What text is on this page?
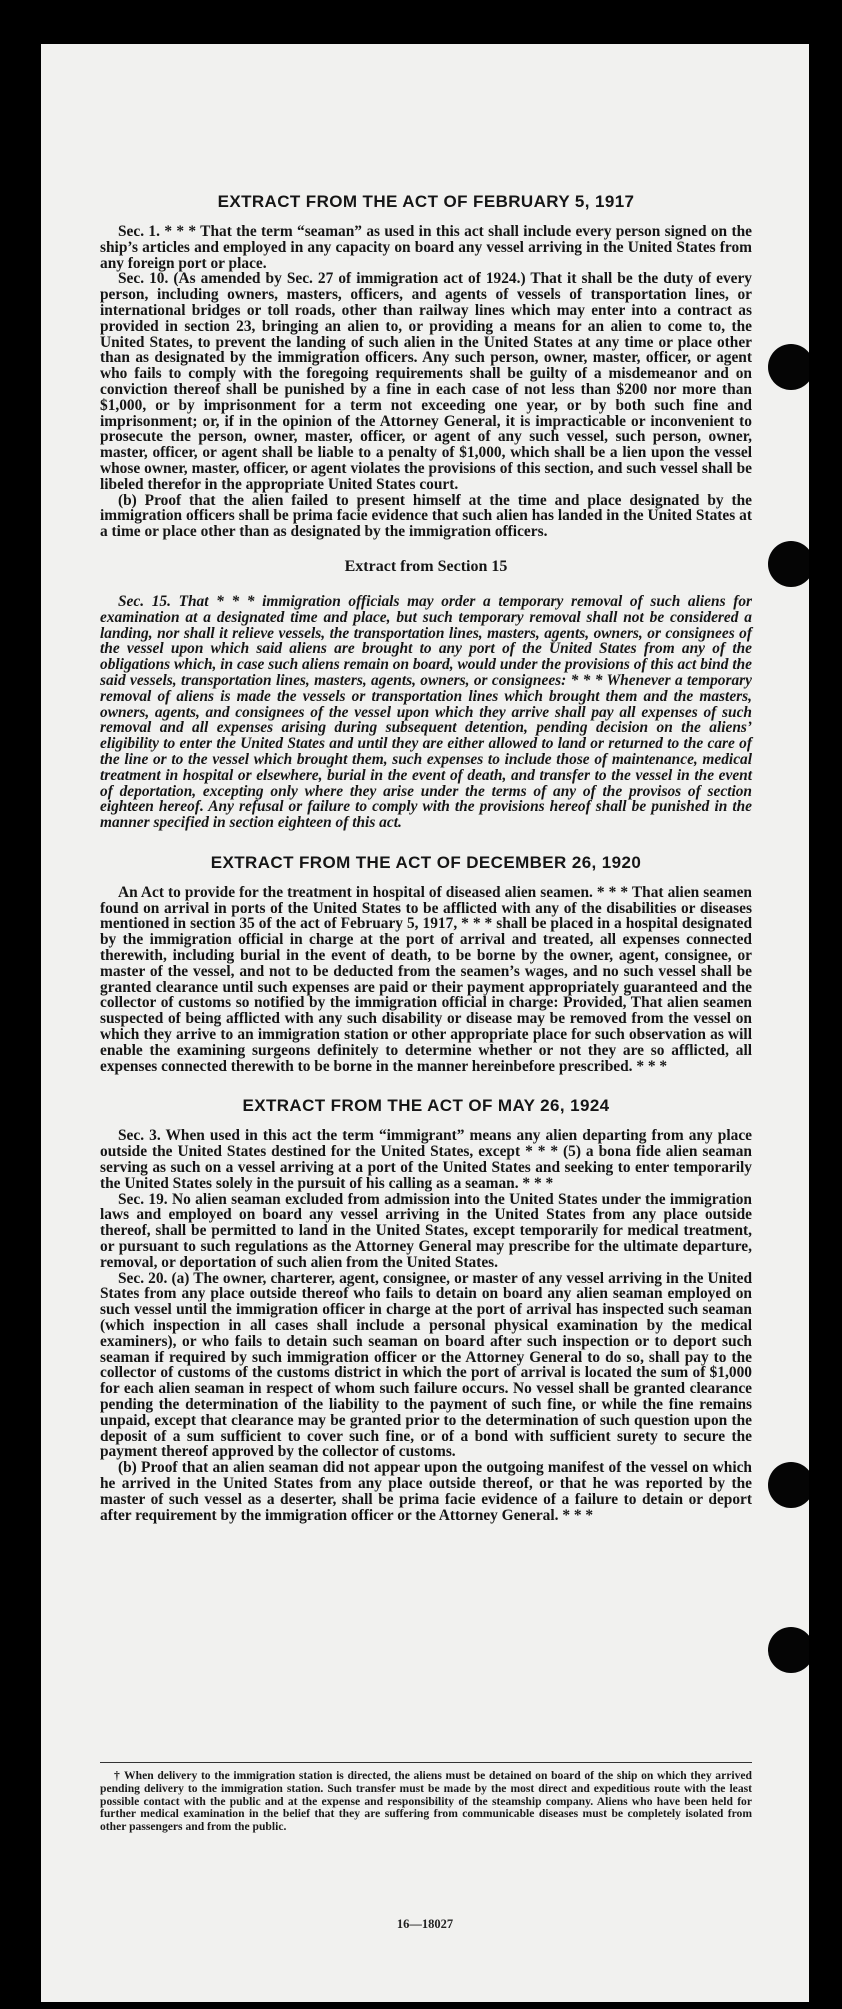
EXTRACT FROM THE ACT OF FEBRUARY 5, 1917

Sec. 1. * * * That the term “seaman” as used in this act shall include every person signed on the ship’s articles and employed in any capacity on board any vessel arriving in the United States from any foreign port or place.

Sec. 10. (As amended by Sec. 27 of immigration act of 1924.) That it shall be the duty of every person, including owners, masters, officers, and agents of vessels of transportation lines, or international bridges or toll roads, other than railway lines which may enter into a contract as provided in section 23, bringing an alien to, or providing a means for an alien to come to, the United States, to prevent the landing of such alien in the United States at any time or place other than as designated by the immigration officers. Any such person, owner, master, officer, or agent who fails to comply with the foregoing requirements shall be guilty of a misdemeanor and on conviction thereof shall be punished by a fine in each case of not less than $200 nor more than $1,000, or by imprisonment for a term not exceeding one year, or by both such fine and imprisonment; or, if in the opinion of the Attorney General, it is impracticable or inconvenient to prosecute the person, owner, master, officer, or agent of any such vessel, such person, owner, master, officer, or agent shall be liable to a penalty of $1,000, which shall be a lien upon the vessel whose owner, master, officer, or agent violates the provisions of this section, and such vessel shall be libeled therefor in the appropriate United States court.

(b) Proof that the alien failed to present himself at the time and place designated by the immigration officers shall be prima facie evidence that such alien has landed in the United States at a time or place other than as designated by the immigration officers.

Extract from Section 15

Sec. 15. That * * * immigration officials may order a temporary removal of such aliens for examination at a designated time and place, but such temporary removal shall not be considered a landing, nor shall it relieve vessels, the transportation lines, masters, agents, owners, or consignees of the vessel upon which said aliens are brought to any port of the United States from any of the obligations which, in case such aliens remain on board, would under the provisions of this act bind the said vessels, transportation lines, masters, agents, owners, or consignees: * * * Whenever a temporary removal of aliens is made the vessels or transportation lines which brought them and the masters, owners, agents, and consignees of the vessel upon which they arrive shall pay all expenses of such removal and all expenses arising during subsequent detention, pending decision on the aliens’ eligibility to enter the United States and until they are either allowed to land or returned to the care of the line or to the vessel which brought them, such expenses to include those of maintenance, medical treatment in hospital or elsewhere, burial in the event of death, and transfer to the vessel in the event of deportation, excepting only where they arise under the terms of any of the provisos of section eighteen hereof. Any refusal or failure to comply with the provisions hereof shall be punished in the manner specified in section eighteen of this act.

EXTRACT FROM THE ACT OF DECEMBER 26, 1920

An Act to provide for the treatment in hospital of diseased alien seamen. * * * That alien seamen found on arrival in ports of the United States to be afflicted with any of the disabilities or diseases mentioned in section 35 of the act of February 5, 1917, * * * shall be placed in a hospital designated by the immigration official in charge at the port of arrival and treated, all expenses connected therewith, including burial in the event of death, to be borne by the owner, agent, consignee, or master of the vessel, and not to be deducted from the seamen’s wages, and no such vessel shall be granted clearance until such expenses are paid or their payment appropriately guaranteed and the collector of customs so notified by the immigration official in charge: Provided, That alien seamen suspected of being afflicted with any such disability or disease may be removed from the vessel on which they arrive to an immigration station or other appropriate place for such observation as will enable the examining surgeons definitely to determine whether or not they are so afflicted, all expenses connected therewith to be borne in the manner hereinbefore prescribed. * * *

EXTRACT FROM THE ACT OF MAY 26, 1924

Sec. 3. When used in this act the term “immigrant” means any alien departing from any place outside the United States destined for the United States, except * * * (5) a bona fide alien seaman serving as such on a vessel arriving at a port of the United States and seeking to enter temporarily the United States solely in the pursuit of his calling as a seaman. * * *

Sec. 19. No alien seaman excluded from admission into the United States under the immigration laws and employed on board any vessel arriving in the United States from any place outside thereof, shall be permitted to land in the United States, except temporarily for medical treatment, or pursuant to such regulations as the Attorney General may prescribe for the ultimate departure, removal, or deportation of such alien from the United States.

Sec. 20. (a) The owner, charterer, agent, consignee, or master of any vessel arriving in the United States from any place outside thereof who fails to detain on board any alien seaman employed on such vessel until the immigration officer in charge at the port of arrival has inspected such seaman (which inspection in all cases shall include a personal physical examination by the medical examiners), or who fails to detain such seaman on board after such inspection or to deport such seaman if required by such immigration officer or the Attorney General to do so, shall pay to the collector of customs of the customs district in which the port of arrival is located the sum of $1,000 for each alien seaman in respect of whom such failure occurs. No vessel shall be granted clearance pending the determination of the liability to the payment of such fine, or while the fine remains unpaid, except that clearance may be granted prior to the determination of such question upon the deposit of a sum sufficient to cover such fine, or of a bond with sufficient surety to secure the payment thereof approved by the collector of customs.

(b) Proof that an alien seaman did not appear upon the outgoing manifest of the vessel on which he arrived in the United States from any place outside thereof, or that he was reported by the master of such vessel as a deserter, shall be prima facie evidence of a failure to detain or deport after requirement by the immigration officer or the Attorney General. * * *

† When delivery to the immigration station is directed, the aliens must be detained on board of the ship on which they arrived pending delivery to the immigration station. Such transfer must be made by the most direct and expeditious route with the least possible contact with the public and at the expense and responsibility of the steamship company. Aliens who have been held for further medical examination in the belief that they are suffering from communicable diseases must be completely isolated from other passengers and from the public.
16—18027
